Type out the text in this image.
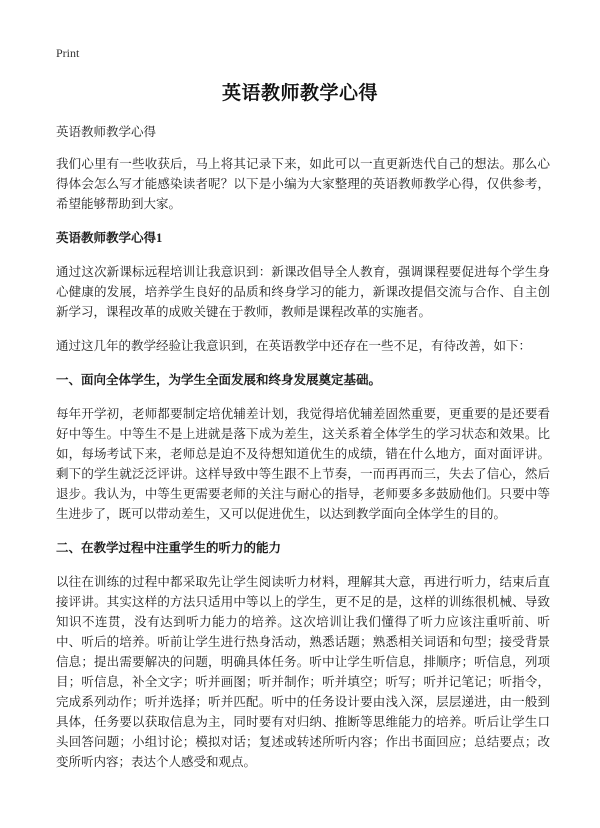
Print
英语教师教学心得

英语教师教学心得

我们心里有一些收获后，马上将其记录下来，如此可以一直更新迭代自己的想法。那么心得体会怎么写才能感染读者呢？以下是小编为大家整理的英语教师教学心得，仅供参考，希望能够帮助到大家。

英语教师教学心得1

通过这次新课标远程培训让我意识到：新课改倡导全人教育，强调课程要促进每个学生身心健康的发展，培养学生良好的品质和终身学习的能力，新课改提倡交流与合作、自主创新学习，课程改革的成败关键在于教师，教师是课程改革的实施者。

通过这几年的教学经验让我意识到，在英语教学中还存在一些不足，有待改善，如下：

一、面向全体学生，为学生全面发展和终身发展奠定基础。

每年开学初，老师都要制定培优辅差计划，我觉得培优辅差固然重要，更重要的是还要看好中等生。中等生不是上进就是落下成为差生，这关系着全体学生的学习状态和效果。比如，每场考试下来，老师总是迫不及待想知道优生的成绩，错在什么地方，面对面评讲。剩下的学生就泛泛评讲。这样导致中等生跟不上节奏，一而再再而三，失去了信心，然后退步。我认为，中等生更需要老师的关注与耐心的指导，老师要多多鼓励他们。只要中等生进步了，既可以带动差生，又可以促进优生，以达到教学面向全体学生的目的。

二、在教学过程中注重学生的听力的能力

以往在训练的过程中都采取先让学生阅读听力材料，理解其大意，再进行听力，结束后直接评讲。其实这样的方法只适用中等以上的学生，更不足的是，这样的训练很机械、导致知识不连贯，没有达到听力能力的培养。这次培训让我们懂得了听力应该注重听前、听中、听后的培养。听前让学生进行热身活动，熟悉话题；熟悉相关词语和句型；接受背景信息；提出需要解决的问题，明确具体任务。听中让学生听信息，排顺序；听信息，列项目；听信息，补全文字；听并画图；听并制作；听并填空；听写；听并记笔记；听指令，完成系列动作；听并选择；听并匹配。听中的任务设计要由浅入深，层层递进，由一般到具体，任务要以获取信息为主，同时要有对归纳、推断等思维能力的培养。听后让学生口头回答问题；小组讨论；模拟对话；复述或转述所听内容；作出书面回应；总结要点；改变所听内容；表达个人感受和观点。
